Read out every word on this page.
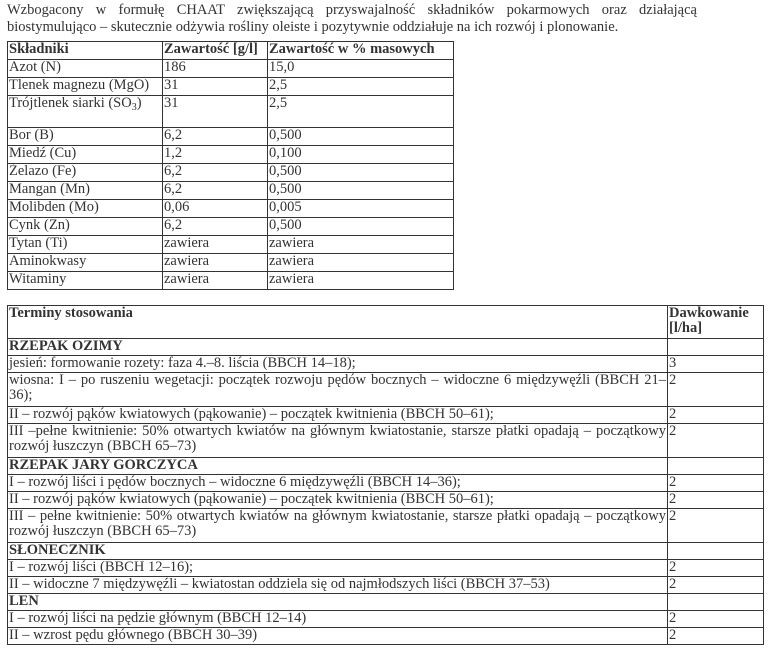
Wzbogacony w formułę CHAAT zwiększającą przyswajalność składników pokarmowych oraz działającą biostymulująco – skutecznie odżywia rośliny oleiste i pozytywnie oddziałuje na ich rozwój i plonowanie.
Składniki	Zawartość [g/l]	Zawartość w % masowych
Azot (N)	186	15,0
Tlenek magnezu (MgO)	31	2,5
Trójtlenek siarki $(SO_3)$	31	2,5
Bor (B)	6,2	0,500
Miedź (Cu)	1,2	0,100
Żelazo (Fe)	6,2	0,500
Mangan (Mn)	6,2	0,500
Molibden (Mo)	0,06	0,005
Cynk (Zn)	6,2	0,500
Tytan (Ti)	zawiera	zawiera
Aminokwasy	zawiera	zawiera
Witaminy	zawiera	zawiera
Terminy stosowania	Dawkowanie [l/ha]
RZEPAK OZIMY	
jesień: formowanie rozety: faza 4.–8. liścia (BBCH 14–18);	3
wiosna: I – po ruszeniu wegetacji: początek rozwoju pędów bocznych – widoczne 6 międzywęźli (BBCH 21–36);	2
II – rozwój pąków kwiatowych (pąkowanie) – początek kwitnienia (BBCH 50–61);	2
III –pełne kwitnienie: 50% otwartych kwiatów na głównym kwiatostanie, starsze płatki opadają – początkowy rozwój łuszczyn (BBCH 65–73)	2
RZEPAK JARY GORCZYCA	
I – rozwój liści i pędów bocznych – widoczne 6 międzywęźli (BBCH 14–36);	2
II – rozwój pąków kwiatowych (pąkowanie) – początek kwitnienia (BBCH 50–61);	2
III – pełne kwitnienie: 50% otwartych kwiatów na głównym kwiatostanie, starsze płatki opadają – początkowy rozwój łuszczyn (BBCH 65–73)	2
SŁONECZNIK	
I – rozwój liści (BBCH 12–16);	2
II – widoczne 7 międzywęźli – kwiatostan oddziela się od najmłodszych liści (BBCH 37–53)	2
LEN	
I – rozwój liści na pędzie głównym (BBCH 12–14)	2
II – wzrost pędu głównego (BBCH 30–39)	2
